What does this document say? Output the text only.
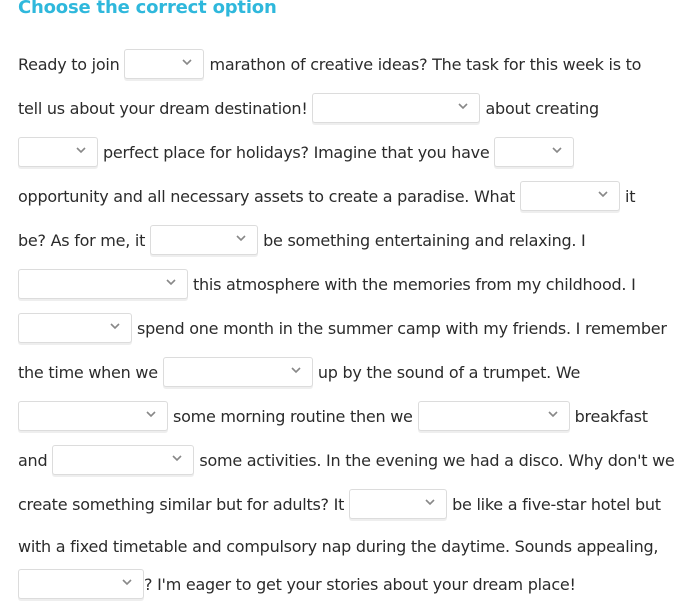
Choose the correct option
Ready to join	marathon of creative ideas? The task for this week is to
tell us about your dream destination!	about creating
perfect place for holidays? Imagine that you have
opportunity and all necessary assets to create a paradise. What	it
be? As for me, it	be something entertaining and relaxing. I
this atmosphere with the memories from my childhood. I
spend one month in the summer camp with my friends. I remember
the time when we	up by the sound of a trumpet. We
some morning routine then we	breakfast
and	some activities. In the evening we had a disco. Why don't we
create something similar but for adults? It	be like a five-star hotel but
with a fixed timetable and compulsory nap during the daytime. Sounds appealing,
? I'm eager to get your stories about your dream place!
